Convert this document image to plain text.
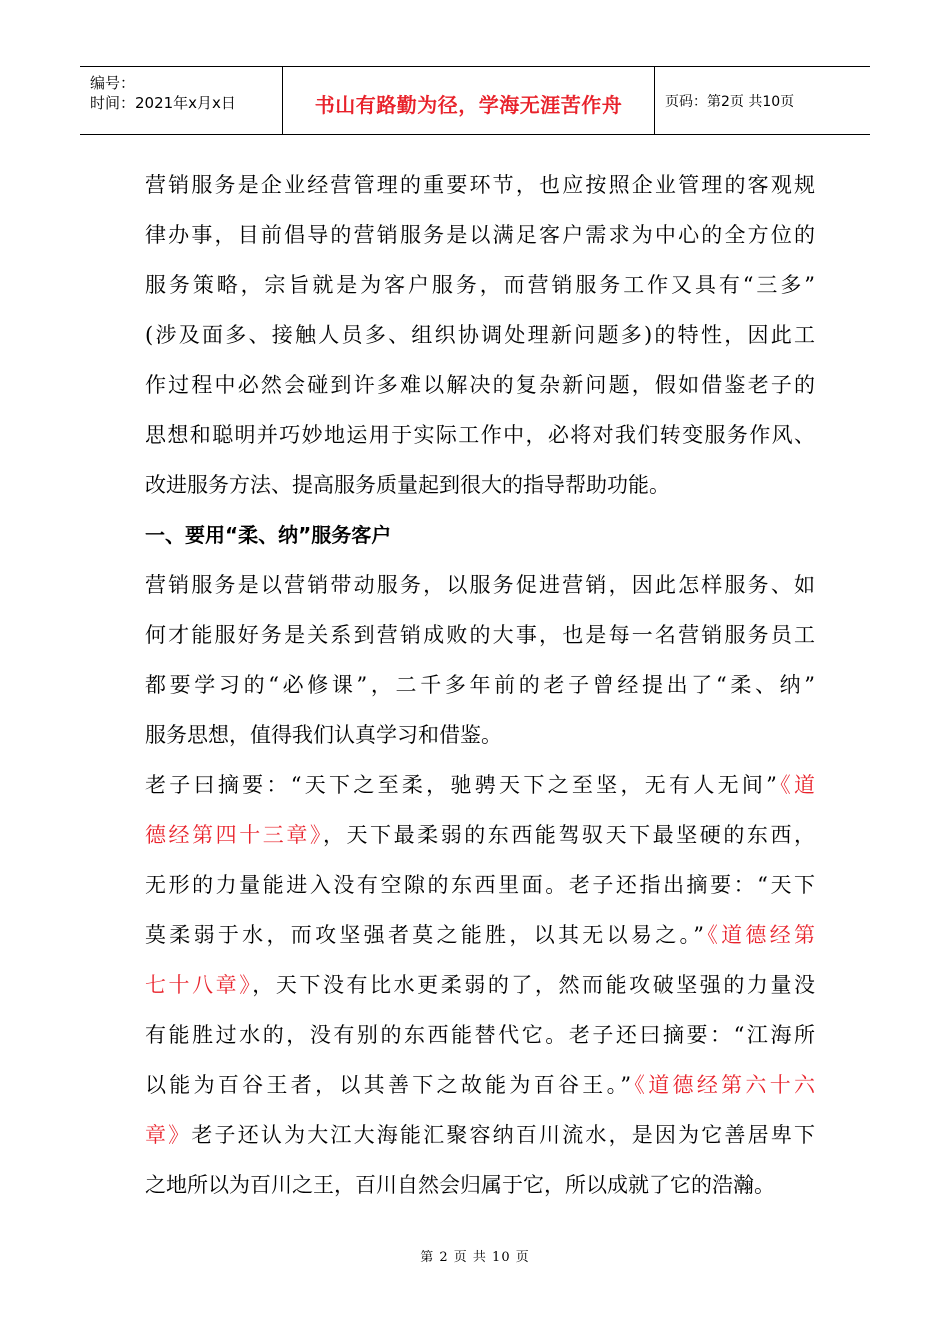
编号：
时间：2021年x月x日	书山有路勤为径，学海无涯苦作舟	页码：第2页 共10页

营销服务是企业经营管理的重要环节，也应按照企业管理的客观规
律办事，目前倡导的营销服务是以满足客户需求为中心的全方位的
服务策略，宗旨就是为客户服务，而营销服务工作又具有“三多”
(涉及面多、接触人员多、组织协调处理新问题多)的特性，因此工
作过程中必然会碰到许多难以解决的复杂新问题，假如借鉴老子的
思想和聪明并巧妙地运用于实际工作中，必将对我们转变服务作风、
改进服务方法、提高服务质量起到很大的指导帮助功能。

一、要用“柔、纳”服务客户

营销服务是以营销带动服务，以服务促进营销，因此怎样服务、如
何才能服好务是关系到营销成败的大事，也是每一名营销服务员工
都要学习的“必修课”，二千多年前的老子曾经提出了“柔、纳”
服务思想，值得我们认真学习和借鉴。

老子曰摘要：“天下之至柔，驰骋天下之至坚，无有人无间”《道
德经第四十三章》，天下最柔弱的东西能驾驭天下最坚硬的东西，
无形的力量能进入没有空隙的东西里面。老子还指出摘要：“天下
莫柔弱于水，而攻坚强者莫之能胜，以其无以易之。”《道德经第
七十八章》，天下没有比水更柔弱的了，然而能攻破坚强的力量没
有能胜过水的，没有别的东西能替代它。老子还曰摘要：“江海所
以能为百谷王者，以其善下之故能为百谷王。”《道德经第六十六
章》老子还认为大江大海能汇聚容纳百川流水，是因为它善居卑下
之地所以为百川之王，百川自然会归属于它，所以成就了它的浩瀚。

第 2 页 共 10 页
